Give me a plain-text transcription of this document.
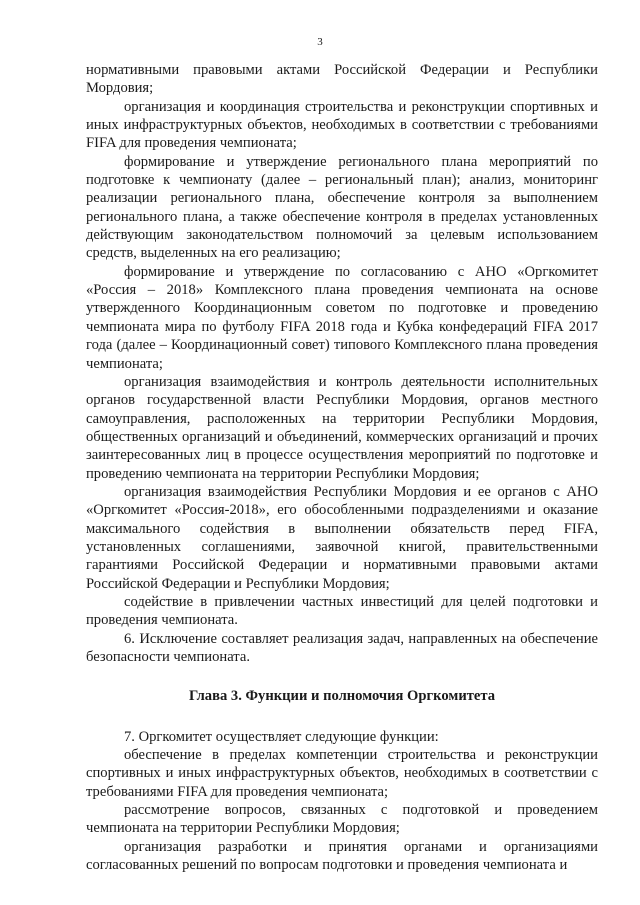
3

нормативными правовыми актами Российской Федерации и Республики Мордовия;

организация и координация строительства и реконструкции спортивных и иных инфраструктурных объектов, необходимых в соответствии с требованиями FIFA для проведения чемпионата;

формирование и утверждение регионального плана мероприятий по подготовке к чемпионату (далее – региональный план); анализ, мониторинг реализации регионального плана, обеспечение контроля за выполнением регионального плана, а также обеспечение контроля в пределах установленных действующим законодательством полномочий за целевым использованием средств, выделенных на его реализацию;

формирование и утверждение по согласованию с АНО «Оргкомитет «Россия – 2018» Комплексного плана проведения чемпионата на основе утвержденного Координационным советом по подготовке и проведению чемпионата мира по футболу FIFA 2018 года и Кубка конфедераций FIFA 2017 года (далее – Координационный совет) типового Комплексного плана проведения чемпионата;

организация взаимодействия и контроль деятельности исполнительных органов государственной власти Республики Мордовия, органов местного самоуправления, расположенных на территории Республики Мордовия, общественных организаций и объединений, коммерческих организаций и прочих заинтересованных лиц в процессе осуществления мероприятий по подготовке и проведению чемпионата на территории Республики Мордовия;

организация взаимодействия Республики Мордовия и ее органов с АНО «Оргкомитет «Россия-2018», его обособленными подразделениями и оказание максимального содействия в выполнении обязательств перед FIFA, установленных соглашениями, заявочной книгой, правительственными гарантиями Российской Федерации и нормативными правовыми актами Российской Федерации и Республики Мордовия;

содействие в привлечении частных инвестиций для целей подготовки и проведения чемпионата.

6. Исключение составляет реализация задач, направленных на обеспечение безопасности чемпионата.

Глава 3. Функции и полномочия Оргкомитета

7. Оргкомитет осуществляет следующие функции:

обеспечение в пределах компетенции строительства и реконструкции спортивных и иных инфраструктурных объектов, необходимых в соответствии с требованиями FIFA для проведения чемпионата;

рассмотрение вопросов, связанных с подготовкой и проведением чемпионата на территории Республики Мордовия;

организация разработки и принятия органами и организациями согласованных решений по вопросам подготовки и проведения чемпионата и
